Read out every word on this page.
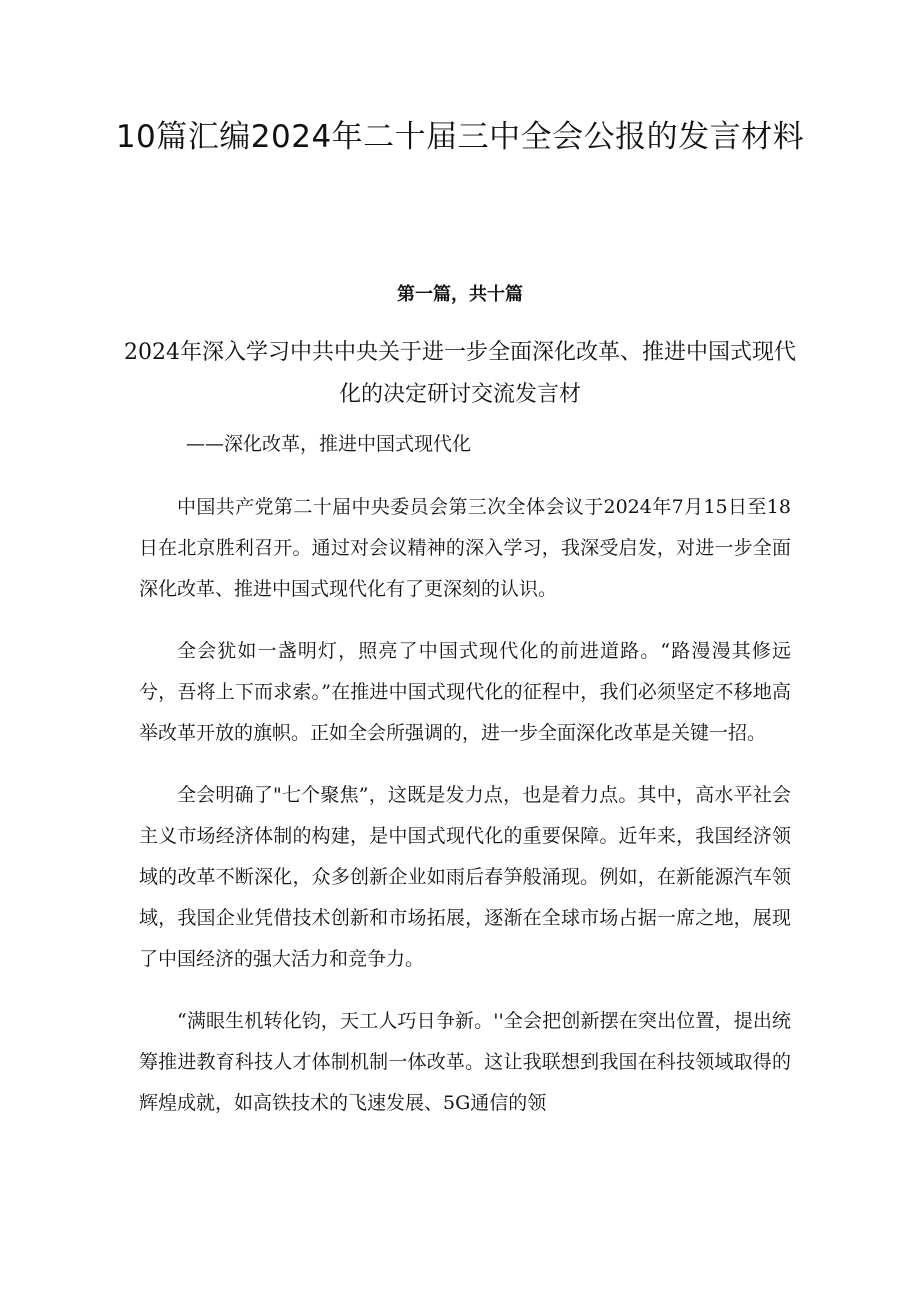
10篇汇编2024年二十届三中全会公报的发言材料
第一篇，共十篇
2024年深入学习中共中央关于进一步全面深化改革、推进中国式现代化的决定研讨交流发言材
——深化改革，推进中国式现代化

中国共产党第二十届中央委员会第三次全体会议于2024年7月15日至18日在北京胜利召开。通过对会议精神的深入学习，我深受启发，对进一步全面深化改革、推进中国式现代化有了更深刻的认识。

全会犹如一盏明灯，照亮了中国式现代化的前进道路。“路漫漫其修远兮，吾将上下而求索。”在推进中国式现代化的征程中，我们必须坚定不移地高举改革开放的旗帜。正如全会所强调的，进一步全面深化改革是关键一招。

全会明确了"七个聚焦”，这既是发力点，也是着力点。其中，高水平社会主义市场经济体制的构建，是中国式现代化的重要保障。近年来，我国经济领域的改革不断深化，众多创新企业如雨后春笋般涌现。例如，在新能源汽车领域，我国企业凭借技术创新和市场拓展，逐渐在全球市场占据一席之地，展现了中国经济的强大活力和竞争力。

“满眼生机转化钧，天工人巧日争新。''全会把创新摆在突出位置，提出统筹推进教育科技人才体制机制一体改革。这让我联想到我国在科技领域取得的辉煌成就，如高铁技术的飞速发展、5G通信的领
